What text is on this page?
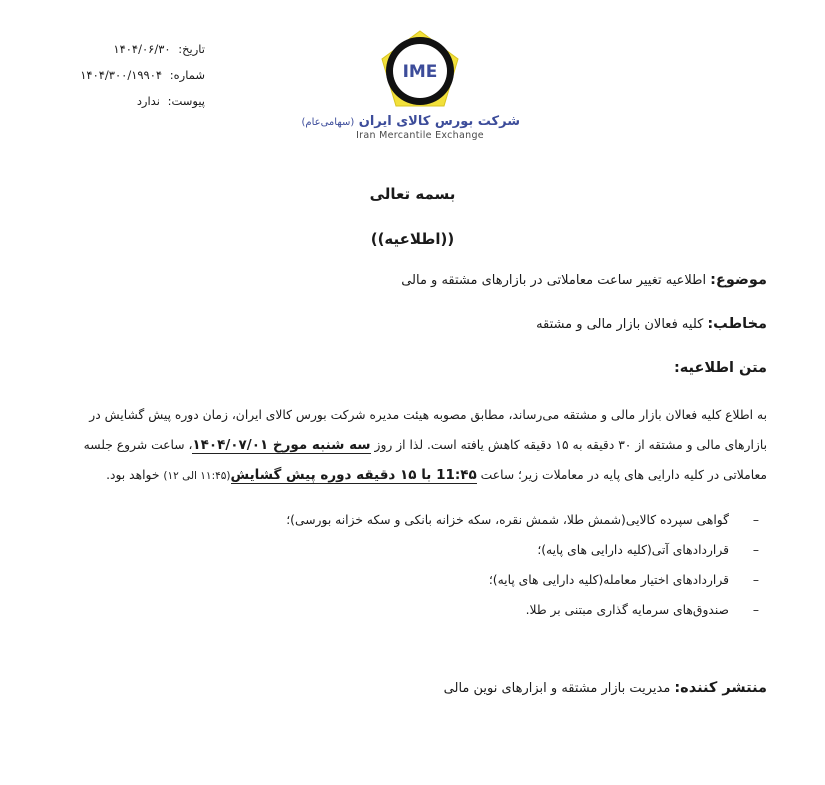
تاریخ: ۱۴۰۴/۰۶/۳۰
شماره: ۱۴۰۴/۳۰۰/۱۹۹۰۴
پیوست: ندارد
IME
شرکت بورس کالای ایران (سهامی‌عام)
Iran Mercantile Exchange
بسمه تعالی
((اطلاعیه))
موضوع:اطلاعیه تغییر ساعت معاملاتی در بازارهای مشتقه و مالی
مخاطب:کلیه فعالان بازار مالی و مشتقه
متن اطلاعیه:
به اطلاع کلیه فعالان بازار مالی و مشتقه می‌رساند، مطابق مصوبه هیئت مدیره شرکت بورس کالای ایران، زمان دوره پیش گشایش در
بازارهای مالی و مشتقه از ۳۰ دقیقه به ۱۵ دقیقه کاهش یافته است. لذا از روز سه شنبه مورخ ۱۴۰۴/۰۷/۰۱، ساعت شروع جلسه
معاملاتی در کلیه دارایی های پایه در معاملات زیر؛ ساعت 11:۴۵ با ۱۵ دقیقه دوره پیش گشایش(۱۱:۴۵ الی ۱۲) خواهد بود.
–گواهی سپرده کالایی(شمش طلا، شمش نقره، سکه خزانه بانکی و سکه خزانه بورسی)؛
–قراردادهای آتی(کلیه دارایی های پایه)؛
–قراردادهای اختیار معامله(کلیه دارایی های پایه)؛
–صندوق‌های سرمایه گذاری مبتنی بر طلا.
منتشر کننده:مدیریت بازار مشتقه و ابزارهای نوین مالی
